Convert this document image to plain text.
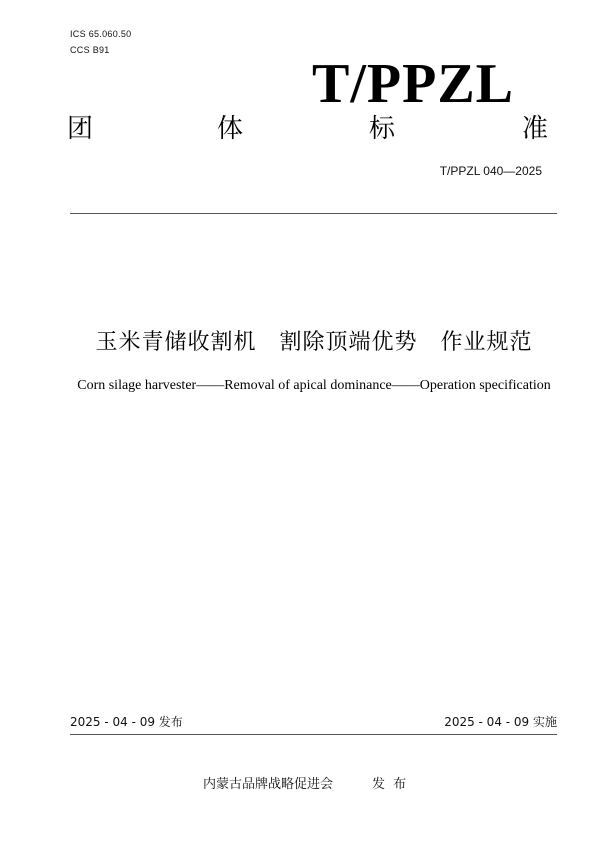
ICS 65.060.50
CCS B91
T/PPZL
团	体	标	准
T/PPZL 040—2025
玉米青储收割机　割除顶端优势　作业规范
Corn silage harvester——Removal of apical dominance——Operation specification
2025 - 04 - 09 发布	2025 - 04 - 09 实施
内蒙古品牌战略促进会	发 布
